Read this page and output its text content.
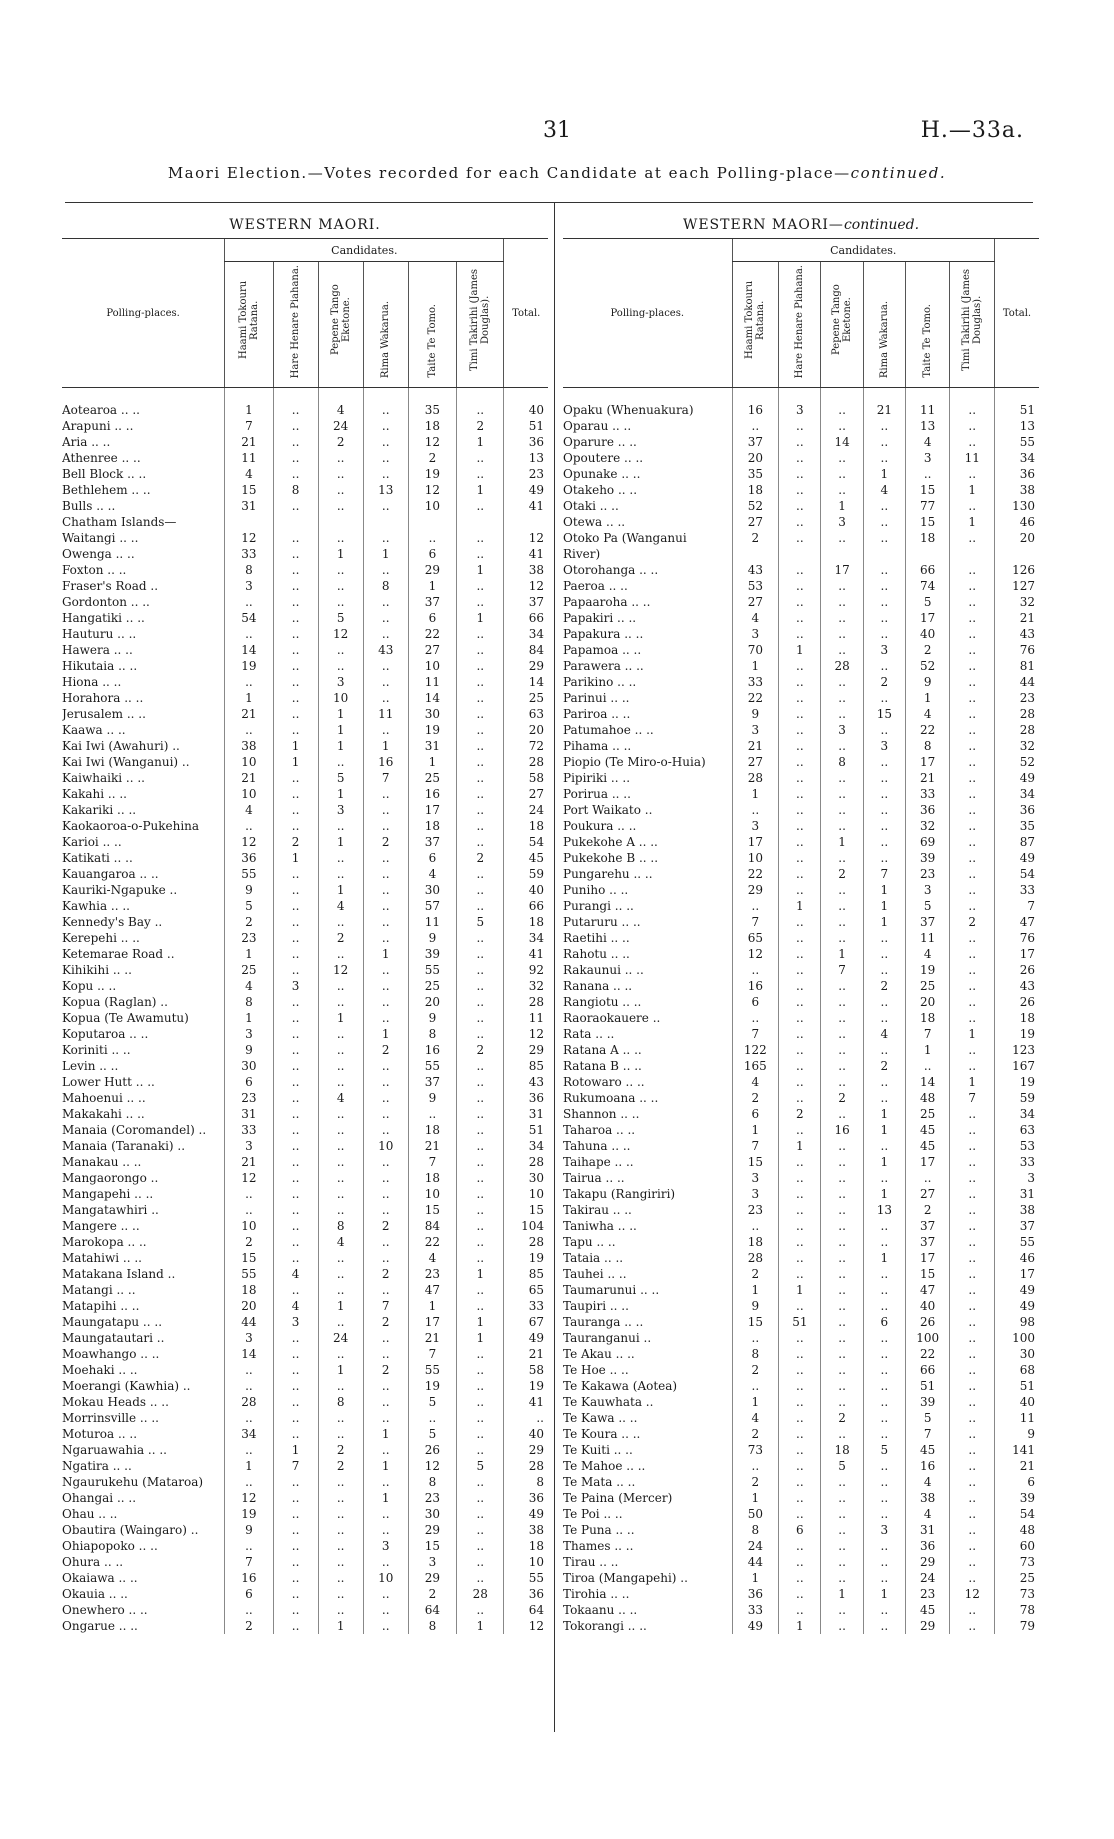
31	H.—33a.
Maori Election.—Votes recorded for each Candidate at each Polling-place—continued.
WESTERN MAORI.
Polling-places.	Candidates.						Total.
	Haami Tokouru Ratana.	Hare Henare Piahana.	Pepene Tango Eketone.	Rima Wakarua.	Taite Te Tomo.	Timi Takirihi (James Douglas).	
Aotearoa .. ..	1	..	4	..	35	..	40
Arapuni .. ..	7	..	24	..	18	2	51
Aria .. ..	21	..	2	..	12	1	36
Athenree .. ..	11	..	..	..	2	..	13
Bell Block .. ..	4	..	..	..	19	..	23
Bethlehem .. ..	15	8	..	13	12	1	49
Bulls .. ..	31	..	..	..	10	..	41
Chatham Islands—							
Waitangi .. ..	12	..	..	..	..	..	12
Owenga .. ..	33	..	1	1	6	..	41
Foxton .. ..	8	..	..	..	29	1	38
Fraser's Road ..	3	..	..	8	1	..	12
Gordonton .. ..	..	..	..	..	37	..	37
Hangatiki .. ..	54	..	5	..	6	1	66
Hauturu .. ..	..	..	12	..	22	..	34
Hawera .. ..	14	..	..	43	27	..	84
Hikutaia .. ..	19	..	..	..	10	..	29
Hiona .. ..	..	..	3	..	11	..	14
Horahora .. ..	1	..	10	..	14	..	25
Jerusalem .. ..	21	..	1	11	30	..	63
Kaawa .. ..	..	..	1	..	19	..	20
Kai Iwi (Awahuri) ..	38	1	1	1	31	..	72
Kai Iwi (Wanganui) ..	10	1	..	16	1	..	28
Kaiwhaiki .. ..	21	..	5	7	25	..	58
Kakahi .. ..	10	..	1	..	16	..	27
Kakariki .. ..	4	..	3	..	17	..	24
Kaokaoroa-o-Pukehina	..	..	..	..	18	..	18
Karioi .. ..	12	2	1	2	37	..	54
Katikati .. ..	36	1	..	..	6	2	45
Kauangaroa .. ..	55	..	..	..	4	..	59
Kauriki-Ngapuke ..	9	..	1	..	30	..	40
Kawhia .. ..	5	..	4	..	57	..	66
Kennedy's Bay ..	2	..	..	..	11	5	18
Kerepehi .. ..	23	..	2	..	9	..	34
Ketemarae Road ..	1	..	..	1	39	..	41
Kihikihi .. ..	25	..	12	..	55	..	92
Kopu .. ..	4	3	..	..	25	..	32
Kopua (Raglan) ..	8	..	..	..	20	..	28
Kopua (Te Awamutu)	1	..	1	..	9	..	11
Koputaroa .. ..	3	..	..	1	8	..	12
Koriniti .. ..	9	..	..	2	16	2	29
Levin .. ..	30	..	..	..	55	..	85
Lower Hutt .. ..	6	..	..	..	37	..	43
Mahoenui .. ..	23	..	4	..	9	..	36
Makakahi .. ..	31	..	..	..	..	..	31
Manaia (Coromandel) ..	33	..	..	..	18	..	51
Manaia (Taranaki) ..	3	..	..	10	21	..	34
Manakau .. ..	21	..	..	..	7	..	28
Mangaorongo ..	12	..	..	..	18	..	30
Mangapehi .. ..	..	..	..	..	10	..	10
Mangatawhiri ..	..	..	..	..	15	..	15
Mangere .. ..	10	..	8	2	84	..	104
Marokopa .. ..	2	..	4	..	22	..	28
Matahiwi .. ..	15	..	..	..	4	..	19
Matakana Island ..	55	4	..	2	23	1	85
Matangi .. ..	18	..	..	..	47	..	65
Matapihi .. ..	20	4	1	7	1	..	33
Maungatapu .. ..	44	3	..	2	17	1	67
Maungatautari ..	3	..	24	..	21	1	49
Moawhango .. ..	14	..	..	..	7	..	21
Moehaki .. ..	..	..	1	2	55	..	58
Moerangi (Kawhia) ..	..	..	..	..	19	..	19
Mokau Heads .. ..	28	..	8	..	5	..	41
Morrinsville .. ..	..	..	..	..	..	..	..
Moturoa .. ..	34	..	..	1	5	..	40
Ngaruawahia .. ..	..	1	2	..	26	..	29
Ngatira .. ..	1	7	2	1	12	5	28
Ngaurukehu (Mataroa)	..	..	..	..	8	..	8
Ohangai .. ..	12	..	..	1	23	..	36
Ohau .. ..	19	..	..	..	30	..	49
Obautira (Waingaro) ..	9	..	..	..	29	..	38
Ohiapopoko .. ..	..	..	..	3	15	..	18
Ohura .. ..	7	..	..	..	3	..	10
Okaiawa .. ..	16	..	..	10	29	..	55
Okauia .. ..	6	..	..	..	2	28	36
Onewhero .. ..	..	..	..	..	64	..	64
Ongarue .. ..	2	..	1	..	8	1	12
WESTERN MAORI—continued.
Polling-places.	Candidates.						Total.
	Haami Tokouru Ratana.	Hare Henare Piahana.	Pepene Tango Eketone.	Rima Wakarua.	Taite Te Tomo.	Timi Takirihi (James Douglas).	
Opaku (Whenuakura)	16	3	..	21	11	..	51
Oparau .. ..	..	..	..	..	13	..	13
Oparure .. ..	37	..	14	..	4	..	55
Opoutere .. ..	20	..	..	..	3	11	34
Opunake .. ..	35	..	..	1	..	..	36
Otakeho .. ..	18	..	..	4	15	1	38
Otaki .. ..	52	..	1	..	77	..	130
Otewa .. ..	27	..	3	..	15	1	46
Otoko Pa (Wanganui	2	..	..	..	18	..	20
River)							
Otorohanga .. ..	43	..	17	..	66	..	126
Paeroa .. ..	53	..	..	..	74	..	127
Papaaroha .. ..	27	..	..	..	5	..	32
Papakiri .. ..	4	..	..	..	17	..	21
Papakura .. ..	3	..	..	..	40	..	43
Papamoa .. ..	70	1	..	3	2	..	76
Parawera .. ..	1	..	28	..	52	..	81
Parikino .. ..	33	..	..	2	9	..	44
Parinui .. ..	22	..	..	..	1	..	23
Pariroa .. ..	9	..	..	15	4	..	28
Patumahoe .. ..	3	..	3	..	22	..	28
Pihama .. ..	21	..	..	3	8	..	32
Piopio (Te Miro-o-Huia)	27	..	8	..	17	..	52
Pipiriki .. ..	28	..	..	..	21	..	49
Porirua .. ..	1	..	..	..	33	..	34
Port Waikato ..	..	..	..	..	36	..	36
Poukura .. ..	3	..	..	..	32	..	35
Pukekohe A .. ..	17	..	1	..	69	..	87
Pukekohe B .. ..	10	..	..	..	39	..	49
Pungarehu .. ..	22	..	2	7	23	..	54
Puniho .. ..	29	..	..	1	3	..	33
Purangi .. ..	..	1	..	1	5	..	7
Putaruru .. ..	7	..	..	1	37	2	47
Raetihi .. ..	65	..	..	..	11	..	76
Rahotu .. ..	12	..	1	..	4	..	17
Rakaunui .. ..	..	..	7	..	19	..	26
Ranana .. ..	16	..	..	2	25	..	43
Rangiotu .. ..	6	..	..	..	20	..	26
Raoraokauere ..	..	..	..	..	18	..	18
Rata .. ..	7	..	..	4	7	1	19
Ratana A .. ..	122	..	..	..	1	..	123
Ratana B .. ..	165	..	..	2	..	..	167
Rotowaro .. ..	4	..	..	..	14	1	19
Rukumoana .. ..	2	..	2	..	48	7	59
Shannon .. ..	6	2	..	1	25	..	34
Taharoa .. ..	1	..	16	1	45	..	63
Tahuna .. ..	7	1	..	..	45	..	53
Taihape .. ..	15	..	..	1	17	..	33
Tairua .. ..	3	..	..	..	..	..	3
Takapu (Rangiriri)	3	..	..	1	27	..	31
Takirau .. ..	23	..	..	13	2	..	38
Taniwha .. ..	..	..	..	..	37	..	37
Tapu .. ..	18	..	..	..	37	..	55
Tataia .. ..	28	..	..	1	17	..	46
Tauhei .. ..	2	..	..	..	15	..	17
Taumarunui .. ..	1	1	..	..	47	..	49
Taupiri .. ..	9	..	..	..	40	..	49
Tauranga .. ..	15	51	..	6	26	..	98
Tauranganui ..	..	..	..	..	100	..	100
Te Akau .. ..	8	..	..	..	22	..	30
Te Hoe .. ..	2	..	..	..	66	..	68
Te Kakawa (Aotea)	..	..	..	..	51	..	51
Te Kauwhata ..	1	..	..	..	39	..	40
Te Kawa .. ..	4	..	2	..	5	..	11
Te Koura .. ..	2	..	..	..	7	..	9
Te Kuiti .. ..	73	..	18	5	45	..	141
Te Mahoe .. ..	..	..	5	..	16	..	21
Te Mata .. ..	2	..	..	..	4	..	6
Te Paina (Mercer)	1	..	..	..	38	..	39
Te Poi .. ..	50	..	..	..	4	..	54
Te Puna .. ..	8	6	..	3	31	..	48
Thames .. ..	24	..	..	..	36	..	60
Tirau .. ..	44	..	..	..	29	..	73
Tiroa (Mangapehi) ..	1	..	..	..	24	..	25
Tirohia .. ..	36	..	1	1	23	12	73
Tokaanu .. ..	33	..	..	..	45	..	78
Tokorangi .. ..	49	1	..	..	29	..	79
